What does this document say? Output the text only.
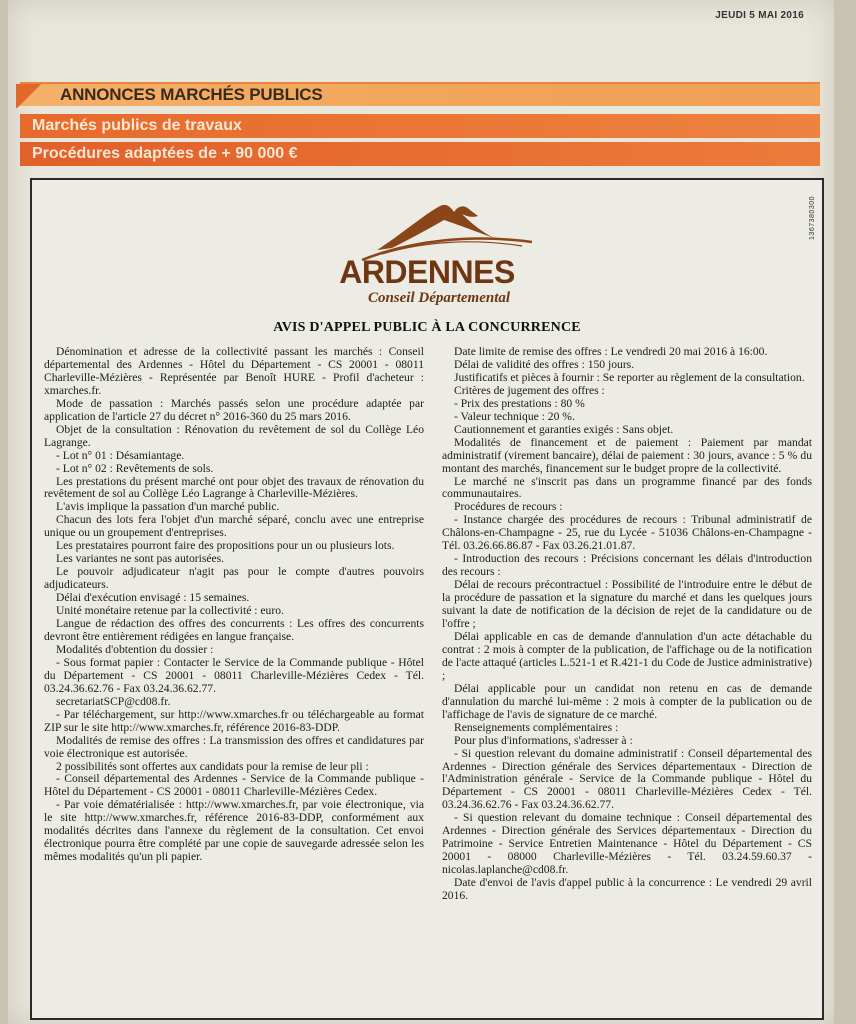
JEUDI 5 MAI 2016
ANNONCES MARCHÉS PUBLICS
Marchés publics de travaux
Procédures adaptées de + 90 000 €
1367380300
ARDENNES
Conseil Départemental
AVIS D'APPEL PUBLIC À LA CONCURRENCE

Dénomination et adresse de la collectivité passant les marchés : Conseil départemental des Ardennes - Hôtel du Département - CS 20001 - 08011 Charleville-Mézières - Représentée par Benoît HURE - Profil d'acheteur : xmarches.fr.

Mode de passation : Marchés passés selon une procédure adaptée par application de l'article 27 du décret n° 2016-360 du 25 mars 2016.

Objet de la consultation : Rénovation du revêtement de sol du Collège Léo Lagrange.

- Lot n° 01 : Désamiantage.

- Lot n° 02 : Revêtements de sols.

Les prestations du présent marché ont pour objet des travaux de rénovation du revêtement de sol au Collège Léo Lagrange à Charleville-Mézières.

L'avis implique la passation d'un marché public.

Chacun des lots fera l'objet d'un marché séparé, conclu avec une entreprise unique ou un groupement d'entreprises.

Les prestataires pourront faire des propositions pour un ou plusieurs lots.

Les variantes ne sont pas autorisées.

Le pouvoir adjudicateur n'agit pas pour le compte d'autres pouvoirs adjudicateurs.

Délai d'exécution envisagé : 15 semaines.

Unité monétaire retenue par la collectivité : euro.

Langue de rédaction des offres des concurrents : Les offres des concurrents devront être entièrement rédigées en langue française.

Modalités d'obtention du dossier :

- Sous format papier : Contacter le Service de la Commande publique - Hôtel du Département - CS 20001 - 08011 Charleville-Mézières Cedex - Tél. 03.24.36.62.76 - Fax 03.24.36.62.77.

secretariatSCP@cd08.fr.

- Par téléchargement, sur http://www.xmarches.fr ou téléchargeable au format ZIP sur le site http://www.xmarches.fr, référence 2016-83-DDP.

Modalités de remise des offres : La transmission des offres et candidatures par voie électronique est autorisée.

2 possibilités sont offertes aux candidats pour la remise de leur pli :

- Conseil départemental des Ardennes - Service de la Commande publique - Hôtel du Département - CS 20001 - 08011 Charleville-Mézières Cedex.

- Par voie dématérialisée : http://www.xmarches.fr, par voie électronique, via le site http://www.xmarches.fr, référence 2016-83-DDP, conformément aux modalités décrites dans l'annexe du règlement de la consultation. Cet envoi électronique pourra être complété par une copie de sauvegarde adressée selon les mêmes modalités qu'un pli papier.

Date limite de remise des offres : Le vendredi 20 mai 2016 à 16:00.

Délai de validité des offres : 150 jours.

Justificatifs et pièces à fournir : Se reporter au règlement de la consultation.

Critères de jugement des offres :

- Prix des prestations : 80 %

- Valeur technique : 20 %.

Cautionnement et garanties exigés : Sans objet.

Modalités de financement et de paiement : Paiement par mandat administratif (virement bancaire), délai de paiement : 30 jours, avance : 5 % du montant des marchés, financement sur le budget propre de la collectivité.

Le marché ne s'inscrit pas dans un programme financé par des fonds communautaires.

Procédures de recours :

- Instance chargée des procédures de recours : Tribunal administratif de Châlons-en-Champagne - 25, rue du Lycée - 51036 Châlons-en-Champagne - Tél. 03.26.66.86.87 - Fax 03.26.21.01.87.

- Introduction des recours : Précisions concernant les délais d'introduction des recours :

Délai de recours précontractuel : Possibilité de l'introduire entre le début de la procédure de passation et la signature du marché et dans les quelques jours suivant la date de notification de la décision de rejet de la candidature ou de l'offre ;

Délai applicable en cas de demande d'annulation d'un acte détachable du contrat : 2 mois à compter de la publication, de l'affichage ou de la notification de l'acte attaqué (articles L.521-1 et R.421-1 du Code de Justice administrative) ;

Délai applicable pour un candidat non retenu en cas de demande d'annulation du marché lui-même : 2 mois à compter de la publication ou de l'affichage de l'avis de signature de ce marché.

Renseignements complémentaires :

Pour plus d'informations, s'adresser à :

- Si question relevant du domaine administratif : Conseil départemental des Ardennes - Direction générale des Services départementaux - Direction de l'Administration générale - Service de la Commande publique - Hôtel du Département - CS 20001 - 08011 Charleville-Mézières Cedex - Tél. 03.24.36.62.76 - Fax 03.24.36.62.77.

- Si question relevant du domaine technique : Conseil départemental des Ardennes - Direction générale des Services départementaux - Direction du Patrimoine - Service Entretien Maintenance - Hôtel du Département - CS 20001 - 08000 Charleville-Mézières - Tél. 03.24.59.60.37 - nicolas.laplanche@cd08.fr.

Date d'envoi de l'avis d'appel public à la concurrence : Le vendredi 29 avril 2016.
